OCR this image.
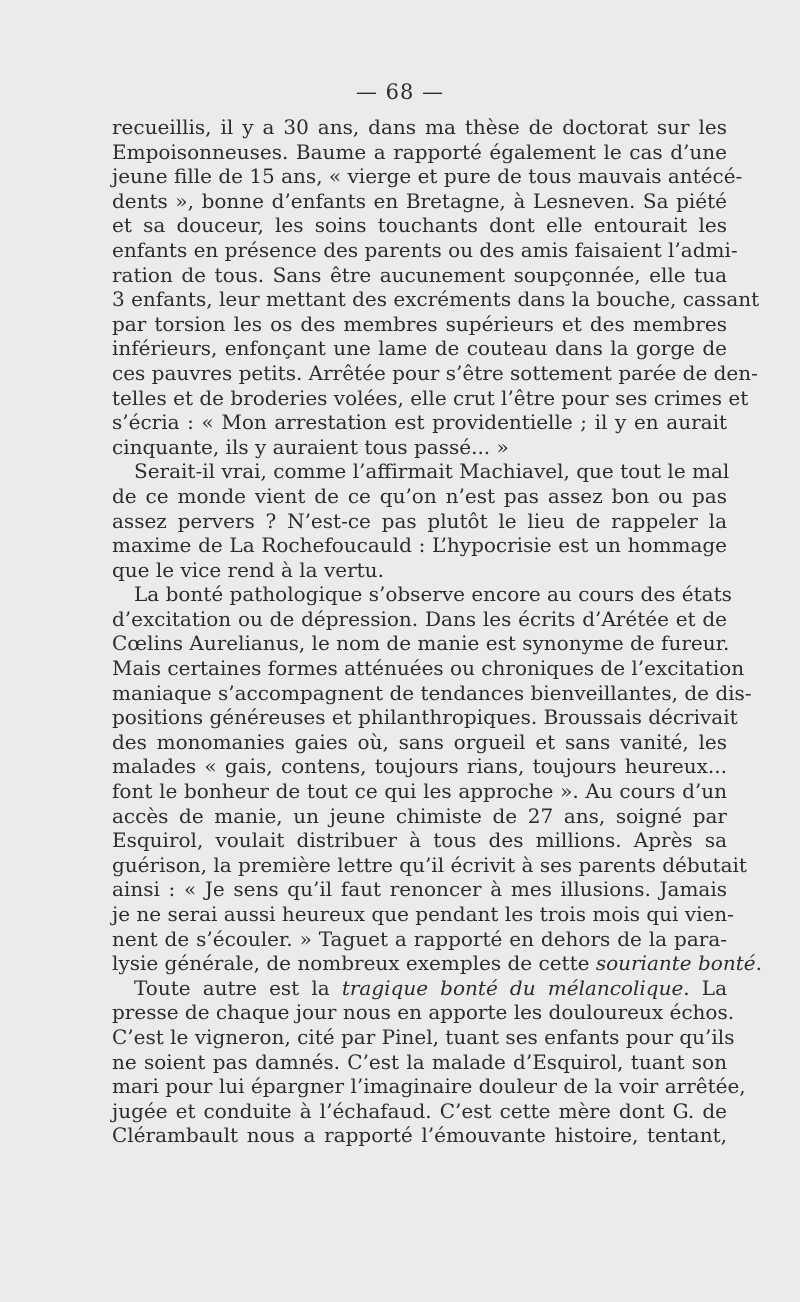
— 68 —
recueillis, il y a 30 ans, dans ma thèse de doctorat sur les
Empoisonneuses. Baume a rapporté également le cas d’une
jeune fille de 15 ans, « vierge et pure de tous mauvais antécé-
dents », bonne d’enfants en Bretagne, à Lesneven. Sa piété
et sa douceur, les soins touchants dont elle entourait les
enfants en présence des parents ou des amis faisaient l’admi-
ration de tous. Sans être aucunement soupçonnée, elle tua
3 enfants, leur mettant des excréments dans la bouche, cassant
par torsion les os des membres supérieurs et des membres
inférieurs, enfonçant une lame de couteau dans la gorge de
ces pauvres petits. Arrêtée pour s’être sottement parée de den-
telles et de broderies volées, elle crut l’être pour ses crimes et
s’écria : « Mon arrestation est providentielle ; il y en aurait
cinquante, ils y auraient tous passé... »
Serait-il vrai, comme l’affirmait Machiavel, que tout le mal
de ce monde vient de ce qu’on n’est pas assez bon ou pas
assez pervers ? N’est-ce pas plutôt le lieu de rappeler la
maxime de La Rochefoucauld : L’hypocrisie est un hommage
que le vice rend à la vertu.
La bonté pathologique s’observe encore au cours des états
d’excitation ou de dépression. Dans les écrits d’Arétée et de
Cœlins Aurelianus, le nom de manie est synonyme de fureur.
Mais certaines formes atténuées ou chroniques de l’excitation
maniaque s’accompagnent de tendances bienveillantes, de dis-
positions généreuses et philanthropiques. Broussais décrivait
des monomanies gaies où, sans orgueil et sans vanité, les
malades « gais, contens, toujours rians, toujours heureux...
font le bonheur de tout ce qui les approche ». Au cours d’un
accès de manie, un jeune chimiste de 27 ans, soigné par
Esquirol, voulait distribuer à tous des millions. Après sa
guérison, la première lettre qu’il écrivit à ses parents débutait
ainsi : « Je sens qu’il faut renoncer à mes illusions. Jamais
je ne serai aussi heureux que pendant les trois mois qui vien-
nent de s’écouler. » Taguet a rapporté en dehors de la para-
lysie générale, de nombreux exemples de cette souriante bonté.
Toute autre est la tragique bonté du mélancolique. La
presse de chaque jour nous en apporte les douloureux échos.
C’est le vigneron, cité par Pinel, tuant ses enfants pour qu’ils
ne soient pas damnés. C’est la malade d’Esquirol, tuant son
mari pour lui épargner l’imaginaire douleur de la voir arrêtée,
jugée et conduite à l’échafaud. C’est cette mère dont G. de
Clérambault nous a rapporté l’émouvante histoire, tentant,
